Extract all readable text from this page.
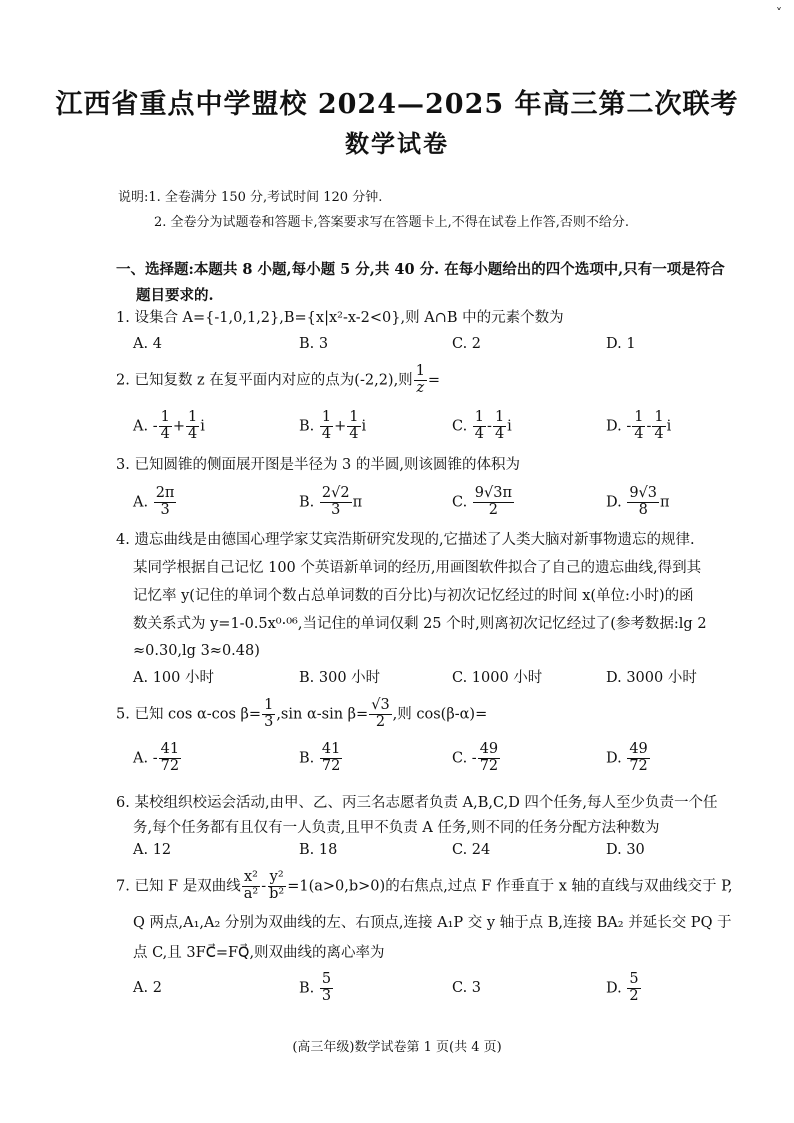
˅
江西省重点中学盟校 2024—2025 年高三第二次联考
数学试卷
说明:1. 全卷满分 150 分,考试时间 120 分钟.
2. 全卷分为试题卷和答题卡,答案要求写在答题卡上,不得在试卷上作答,否则不给分.
一、选择题:本题共 8 小题,每小题 5 分,共 40 分. 在每小题给出的四个选项中,只有一项是符合
题目要求的.
1. 设集合 A={-1,0,1,2},B={x|x²-x-2<0},则 A∩B 中的元素个数为
A. 4	B. 3	C. 2	D. 1
2. 已知复数 z 在复平面内对应的点为(-2,2),则 $\frac{1}{z}$ =
A. - $\frac{1}{4} + \frac{1}{4}$ i	B. $\frac{1}{4} + \frac{1}{4}$ i	C. $\frac{1}{4} - \frac{1}{4}$ i	D. - $\frac{1}{4} - \frac{1}{4}$ i
3. 已知圆锥的侧面展开图是半径为 3 的半圆,则该圆锥的体积为
A. $\frac{2\pi}{3}$	B. $\frac{2√2}{3}$ π	C. $\frac{9√3\pi}{2}$	D. $\frac{9√3}{8}$ π
4. 遗忘曲线是由德国心理学家艾宾浩斯研究发现的,它描述了人类大脑对新事物遗忘的规律.
某同学根据自己记忆 100 个英语新单词的经历,用画图软件拟合了自己的遗忘曲线,得到其
记忆率 y(记住的单词个数占总单词数的百分比)与初次记忆经过的时间 x(单位:小时)的函
数关系式为 y=1-0.5x⁰·⁰⁶,当记住的单词仅剩 25 个时,则离初次记忆经过了(参考数据:lg 2
≈0.30,lg 3≈0.48)
A. 100 小时	B. 300 小时	C. 1000 小时	D. 3000 小时
5. 已知 cos α-cos $\beta= \frac{1}{3} ,\sin$ α-sin $\beta= \frac{√3}{2}$ ,则 cos(β-α)=
A. - $\frac{41}{72}$	B. $\frac{41}{72}$	C. - $\frac{49}{72}$	D. $\frac{49}{72}$
6. 某校组织校运会活动,由甲、乙、丙三名志愿者负责 A,B,C,D 四个任务,每人至少负责一个任
务,每个任务都有且仅有一人负责,且甲不负责 A 任务,则不同的任务分配方法种数为
A. 12	B. 18	C. 24	D. 30
7. 已知 F 是双曲线 $\frac{\text{x²}}{\text{a²}} - \frac{\text{y²}}{\text{b²}} =1(a>0,b>0)$的右焦点,过点 F 作垂直于 x 轴的直线与双曲线交于 P,
Q 两点,A₁,A₂ 分别为双曲线的左、右顶点,连接 A₁P 交 y 轴于点 B,连接 BA₂ 并延长交 PQ 于
点 C,且 3FC⃗=FQ⃗,则双曲线的离心率为
A. 2	B. $\frac{5}{3}$	C. 3	D. $\frac{5}{2}$
(高三年级)数学试卷第 1 页(共 4 页)
